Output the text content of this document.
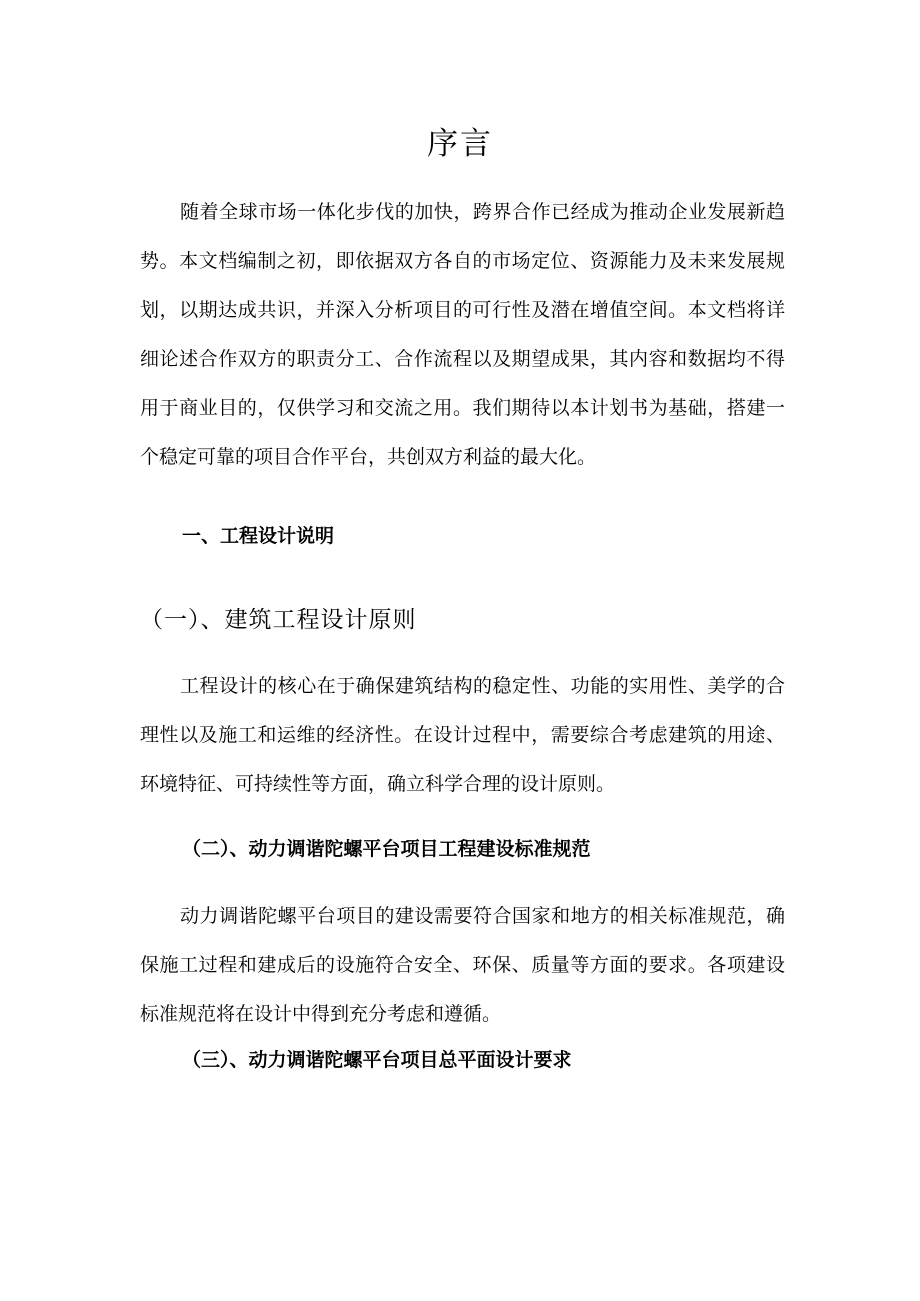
序言

随着全球市场一体化步伐的加快，跨界合作已经成为推动企业发展新趋势。本文档编制之初，即依据双方各自的市场定位、资源能力及未来发展规划，以期达成共识，并深入分析项目的可行性及潜在增值空间。本文档将详细论述合作双方的职责分工、合作流程以及期望成果，其内容和数据均不得用于商业目的，仅供学习和交流之用。我们期待以本计划书为基础，搭建一个稳定可靠的项目合作平台，共创双方利益的最大化。

一、工程设计说明
（一）、建筑工程设计原则

工程设计的核心在于确保建筑结构的稳定性、功能的实用性、美学的合理性以及施工和运维的经济性。在设计过程中，需要综合考虑建筑的用途、环境特征、可持续性等方面，确立科学合理的设计原则。

（二）、动力调谐陀螺平台项目工程建设标准规范

动力调谐陀螺平台项目的建设需要符合国家和地方的相关标准规范，确保施工过程和建成后的设施符合安全、环保、质量等方面的要求。各项建设标准规范将在设计中得到充分考虑和遵循。

（三）、动力调谐陀螺平台项目总平面设计要求
